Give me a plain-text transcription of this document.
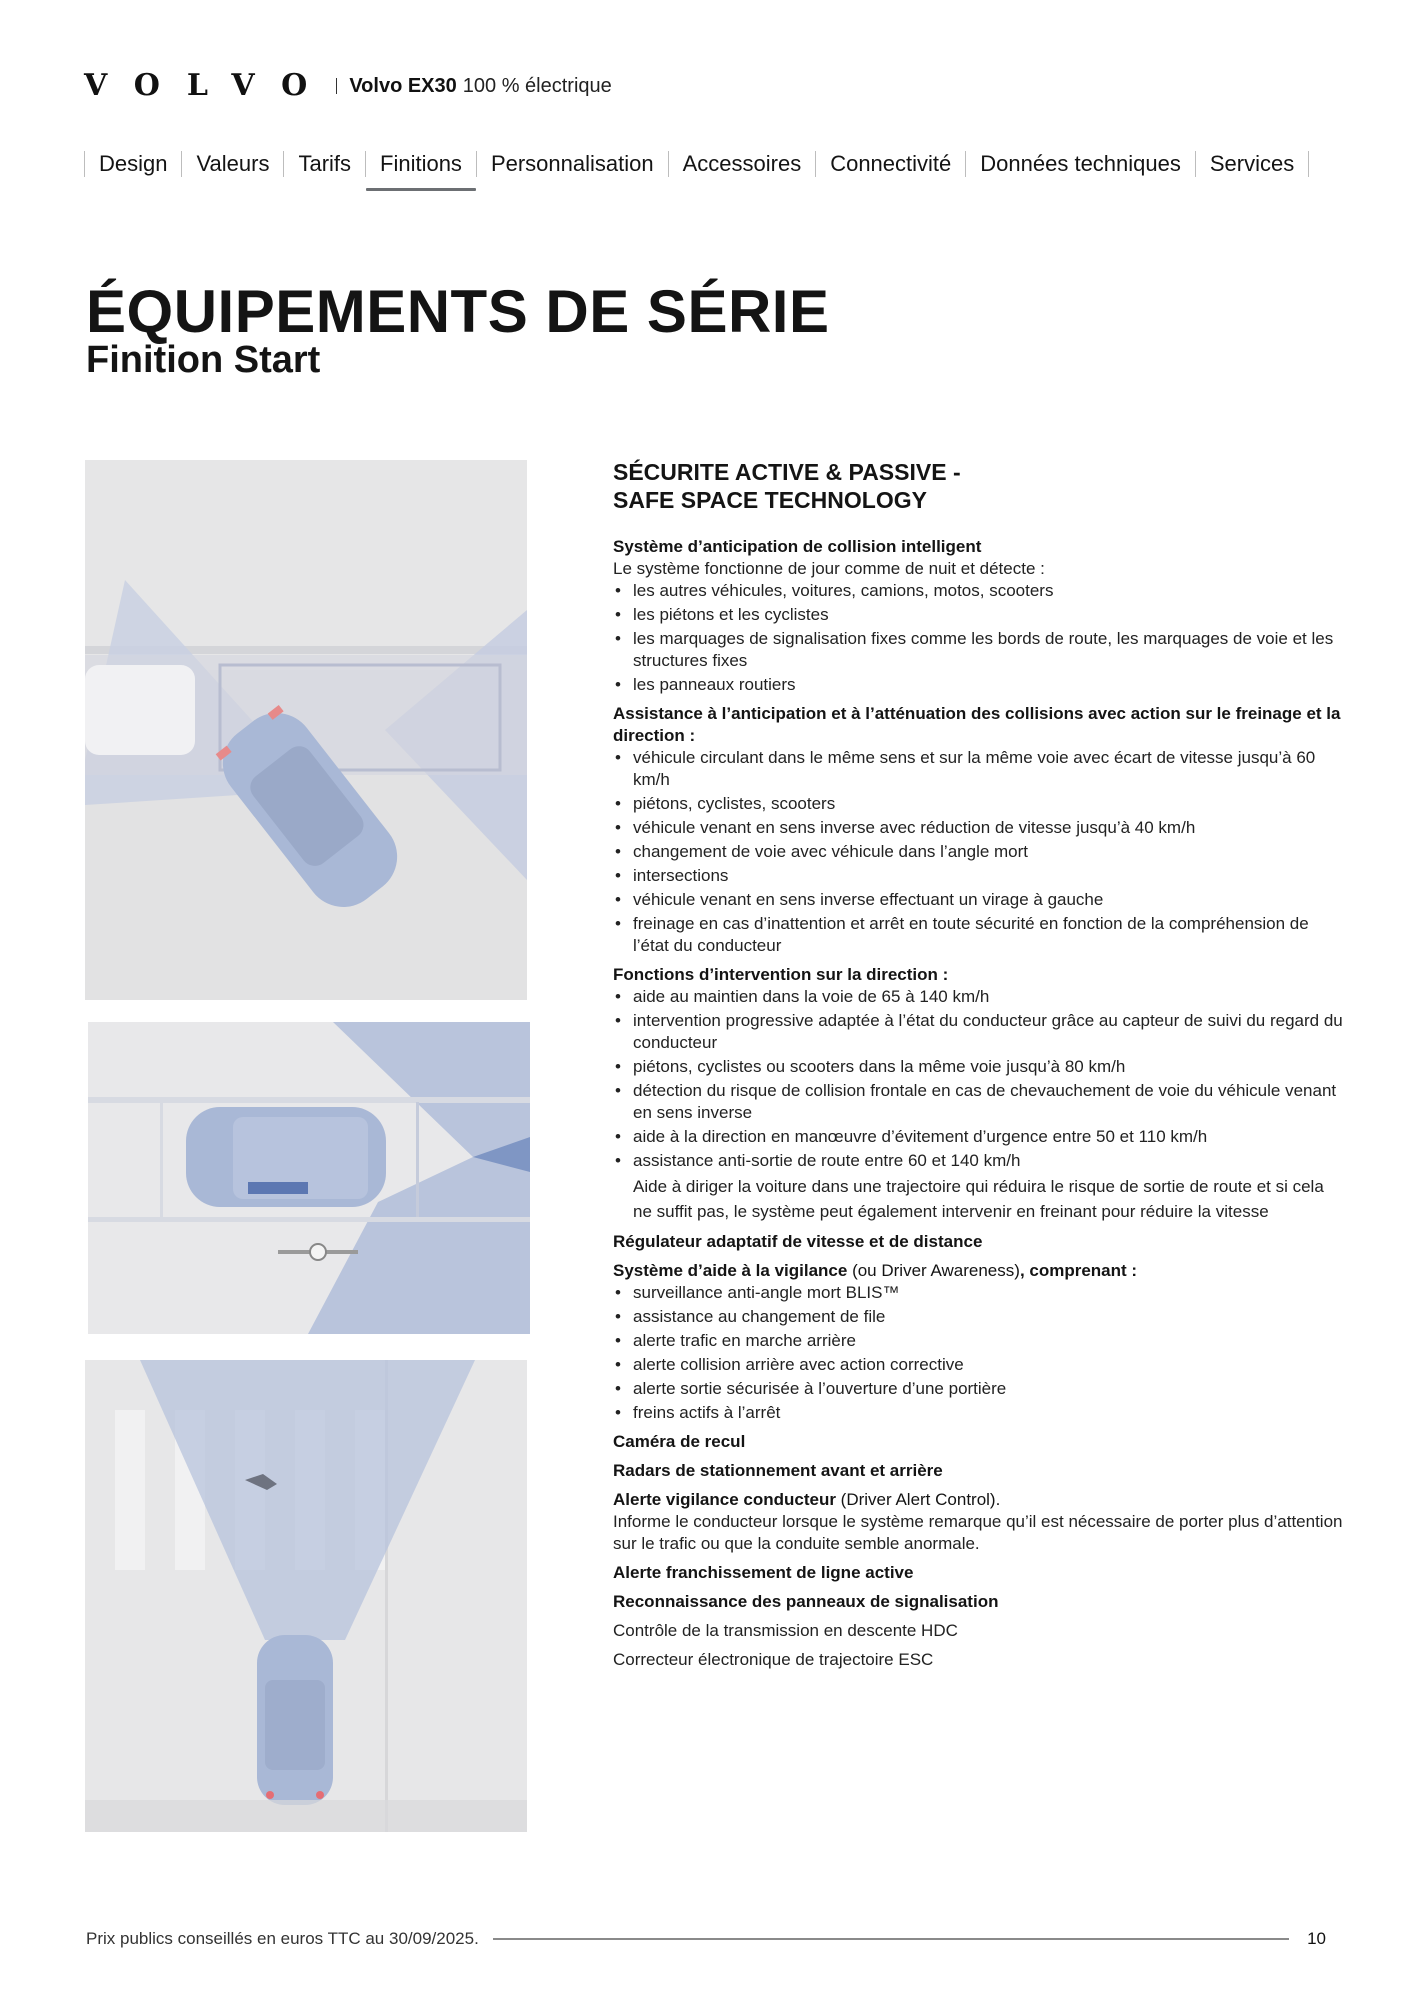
VOLVO Volvo EX30 100 % électrique
Design	Valeurs	Tarifs	Finitions	Personnalisation	Accessoires	Connectivité	Données techniques	Services
ÉQUIPEMENTS DE SÉRIE
Finition Start
SÉCURITE ACTIVE & PASSIVE -
SAFE SPACE TECHNOLOGY
Système d’anticipation de collision intelligent
Le système fonctionne de jour comme de nuit et détecte :
• les autres véhicules, voitures, camions, motos, scooters
• les piétons et les cyclistes
• les marquages de signalisation fixes comme les bords de route, les marquages de voie et les structures fixes
• les panneaux routiers
Assistance à l’anticipation et à l’atténuation des collisions avec action sur le freinage et la direction :
• véhicule circulant dans le même sens et sur la même voie avec écart de vitesse jusqu’à 60 km/h
• piétons, cyclistes, scooters
• véhicule venant en sens inverse avec réduction de vitesse jusqu’à 40 km/h
• changement de voie avec véhicule dans l’angle mort
• intersections
• véhicule venant en sens inverse effectuant un virage à gauche
• freinage en cas d’inattention et arrêt en toute sécurité en fonction de la compréhension de l’état du conducteur
Fonctions d’intervention sur la direction :
• aide au maintien dans la voie de 65 à 140 km/h
• intervention progressive adaptée à l’état du conducteur grâce au capteur de suivi du regard du conducteur
• piétons, cyclistes ou scooters dans la même voie jusqu’à 80 km/h
• détection du risque de collision frontale en cas de chevauchement de voie du véhicule venant en sens inverse
• aide à la direction en manœuvre d’évitement d’urgence entre 50 et 110 km/h
• assistance anti-sortie de route entre 60 et 140 km/h
Aide à diriger la voiture dans une trajectoire qui réduira le risque de sortie de route et si cela ne suffit pas, le système peut également intervenir en freinant pour réduire la vitesse
Régulateur adaptatif de vitesse et de distance
Système d’aide à la vigilance (ou Driver Awareness), comprenant :
• surveillance anti-angle mort BLIS™
• assistance au changement de file
• alerte trafic en marche arrière
• alerte collision arrière avec action corrective
• alerte sortie sécurisée à l’ouverture d’une portière
• freins actifs à l’arrêt
Caméra de recul
Radars de stationnement avant et arrière
Alerte vigilance conducteur (Driver Alert Control).
Informe le conducteur lorsque le système remarque qu’il est nécessaire de porter plus d’attention sur le trafic ou que la conduite semble anormale.
Alerte franchissement de ligne active
Reconnaissance des panneaux de signalisation
Contrôle de la transmission en descente HDC
Correcteur électronique de trajectoire ESC
Prix publics conseillés en euros TTC au 30/09/2025.	10
